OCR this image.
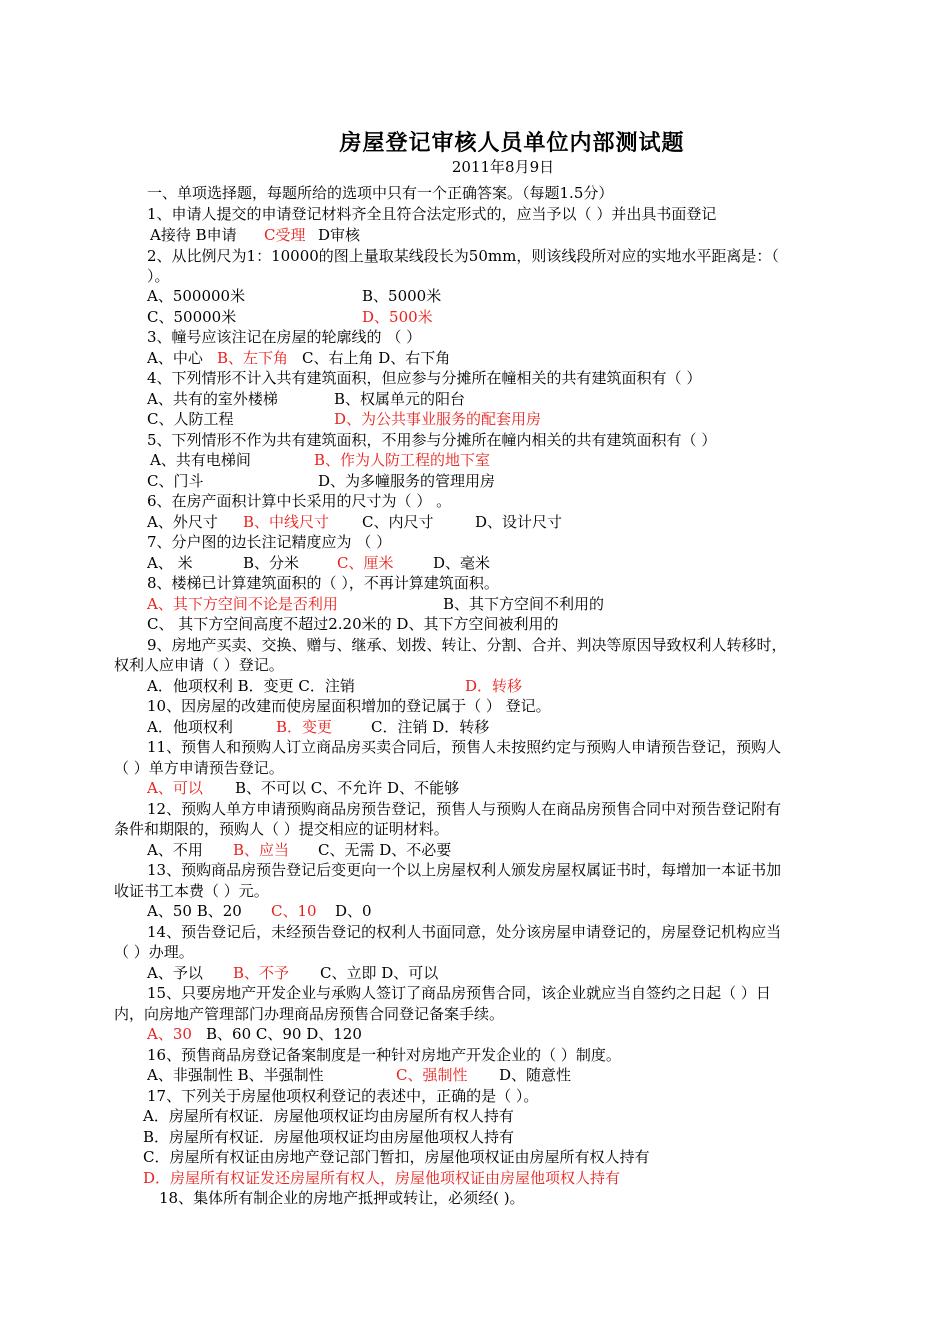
房屋登记审核人员单位内部测试题
2011年8月9日
一、单项选择题，每题所给的选项中只有一个正确答案。（每题1.5分）
1、申请人提交的申请登记材料齐全且符合法定形式的，应当予以（ ）并出具书面登记
A接待 B申请 C受理 D审核
2、从比例尺为1：10000的图上量取某线段长为50mm，则该线段所对应的实地水平距离是：（
）。
A、500000米	B、5000米
C、50000米	D、500米
3、幢号应该注记在房屋的轮廓线的 （ ）
A、中心 B、左下角 C、右上角 D、右下角
4、下列情形不计入共有建筑面积，但应参与分摊所在幢相关的共有建筑面积有（ ）
A、共有的室外楼梯	B、权属单元的阳台
C、人防工程	D、为公共事业服务的配套用房
5、下列情形不作为共有建筑面积，不用参与分摊所在幢内相关的共有建筑面积有（ ）
A、共有电梯间	B、作为人防工程的地下室
C、门斗	D、为多幢服务的管理用房
6、在房产面积计算中长采用的尺寸为（ ） 。
A、外尺寸 B、中线尺寸 C、内尺寸	D、设计尺寸
7、分户图的边长注记精度应为 （ ）
A、 米	B、分米	C、厘米	D、毫米
8、楼梯已计算建筑面积的（ ），不再计算建筑面积。
A、其下方空间不论是否利用	B、其下方空间不利用的
C、 其下方空间高度不超过2.20米的 D、其下方空间被利用的
9、房地产买卖、交换、赠与、继承、划拨、转让、分割、合并、判决等原因导致权利人转移时，
权利人应申请（ ）登记。
A．他项权利 B．变更 C．注销	D．转移
10、因房屋的改建而使房屋面积增加的登记属于（ ） 登记。
A．他项权利	B．变更	C．注销 D．转移
11、预售人和预购人订立商品房买卖合同后，预售人未按照约定与预购人申请预告登记，预购人
（ ）单方申请预告登记。
A、可以 B、不可以 C、不允许 D、不能够
12、预购人单方申请预购商品房预告登记，预售人与预购人在商品房预售合同中对预告登记附有
条件和期限的，预购人（ ）提交相应的证明材料。
A、不用 B、应当 C、无需 D、不必要
13、预购商品房预告登记后变更向一个以上房屋权利人颁发房屋权属证书时，每增加一本证书加
收证书工本费（ ）元。
A、50 B、20 C、10 D、0
14、预告登记后，未经预告登记的权利人书面同意，处分该房屋申请登记的，房屋登记机构应当
（ ）办理。
A、予以 B、不予 C、立即 D、可以
15、只要房地产开发企业与承购人签订了商品房预售合同，该企业就应当自签约之日起（ ）日
内，向房地产管理部门办理商品房预售合同登记备案手续。
A、30 B、60 C、90 D、120
16、预售商品房登记备案制度是一种针对房地产开发企业的（ ）制度。
A、非强制性 B、半强制性	C、强制性 D、随意性
17、下列关于房屋他项权利登记的表述中，正确的是（ ）。
A．房屋所有权证．房屋他项权证均由房屋所有权人持有
B．房屋所有权证．房屋他项权证均由房屋他项权人持有
C．房屋所有权证由房地产登记部门暂扣，房屋他项权证由房屋所有权人持有
D．房屋所有权证发还房屋所有权人，房屋他项权证由房屋他项权人持有
18、集体所有制企业的房地产抵押或转让，必须经( )。
